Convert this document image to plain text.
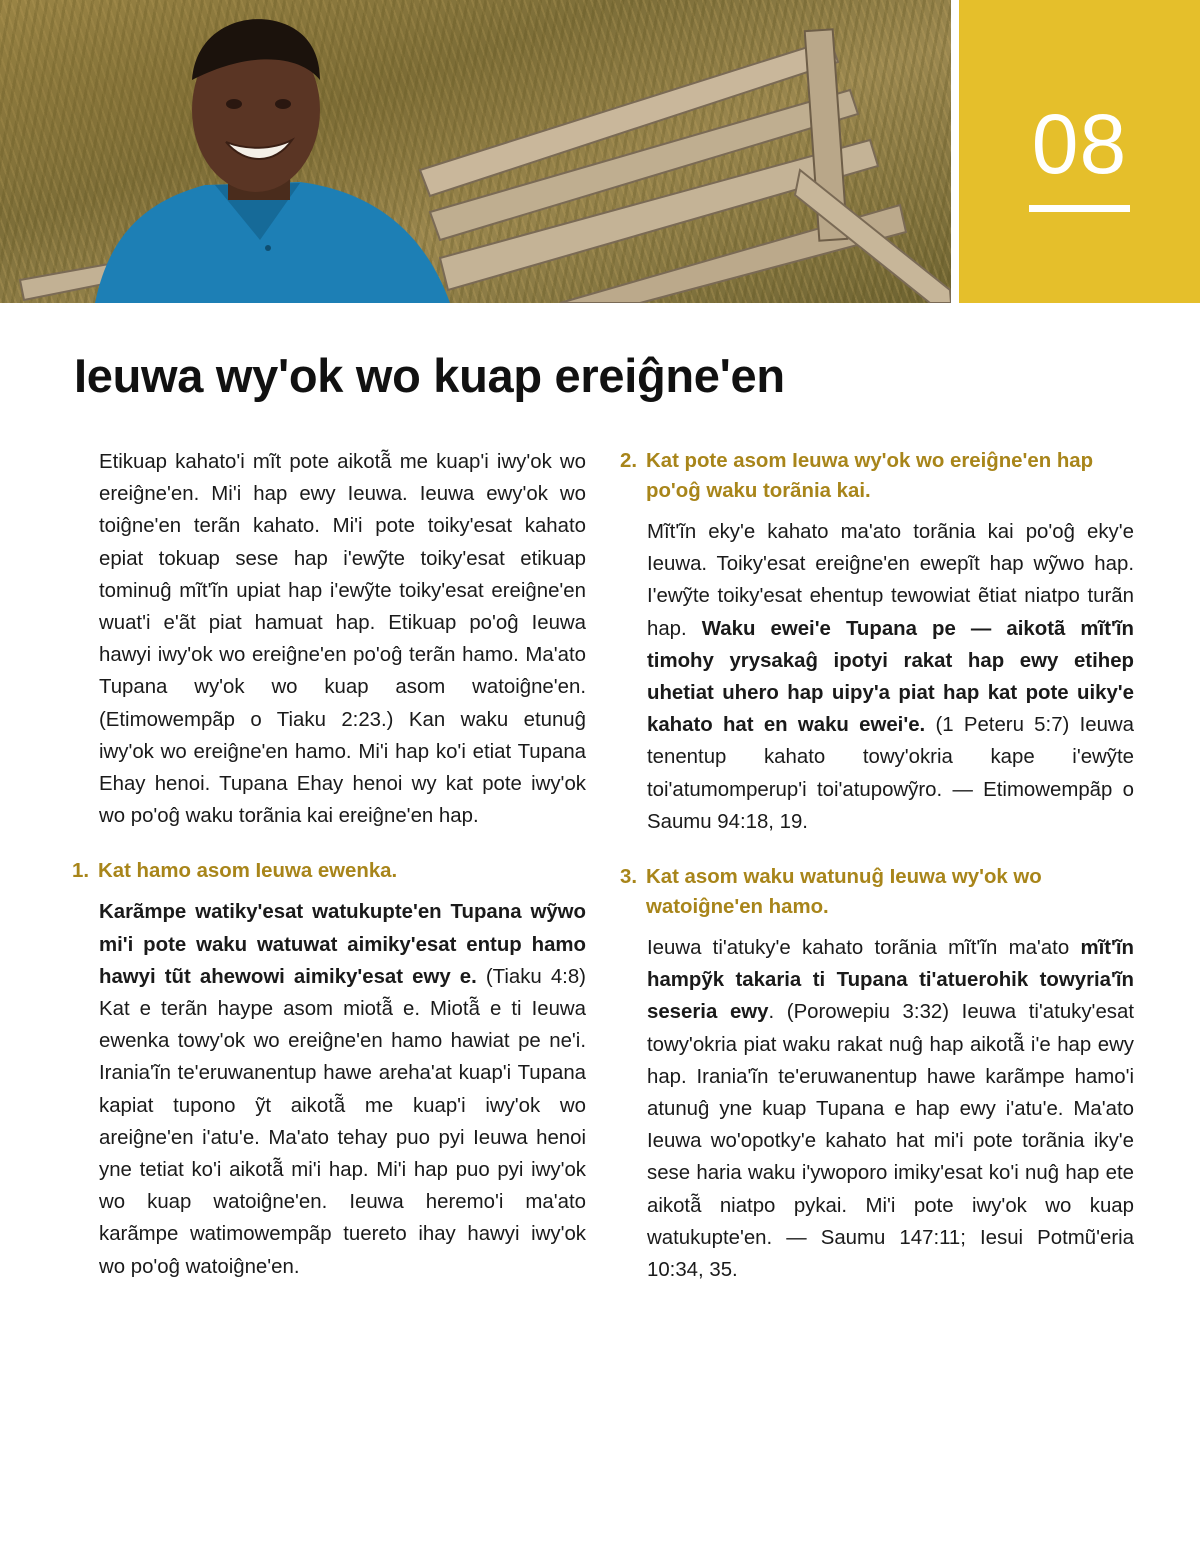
08
Ieuwa wy'ok wo kuap ereiĝne'en

Etikuap kahato'i mĩt pote aikotã̃ me kuap'i iwy'ok wo ereiĝne'en. Mi'i hap ewy Ieuwa. Ieuwa ewy'ok wo toiĝne'en terãn kahato. Mi'i pote toiky'esat kahato epiat tokuap sese hap i'ewỹte toiky'esat etikuap tominuĝ mĩt'ĩn upiat hap i'ewỹte toiky'esat ereiĝne'en wuat'i e'ãt piat hamuat hap. Etikuap po'oĝ Ieuwa hawyi iwy'ok wo ereiĝne'en po'oĝ terãn hamo. Ma'ato Tupana wy'ok wo kuap asom watoiĝne'en. (Etimowempãp o Tiaku 2:23.) Kan waku etunuĝ iwy'ok wo ereiĝne'en hamo. Mi'i hap ko'i etiat Tupana Ehay henoi. Tupana Ehay henoi wy kat pote iwy'ok wo po'oĝ waku torãnia kai ereiĝne'en hap.

1. Kat hamo asom Ieuwa ewenka.

Karãmpe watiky'esat watukupte'en Tupana wỹwo mi'i pote waku watuwat aimiky'esat entup hamo hawyi tũt ahewowi aimiky'esat ewy e. (Tiaku 4:8) Kat e terãn haype asom miotã̃ e. Miotã̃ e ti Ieuwa ewenka towy'ok wo ereiĝne'en hamo hawiat pe ne'i. Irania'ĩn te'eruwanentup hawe areha'at kuap'i Tupana kapiat tupono ỹt aikotã̃ me kuap'i iwy'ok wo areiĝne'en i'atu'e. Ma'ato tehay puo pyi Ieuwa henoi yne tetiat ko'i aikotã̃ mi'i hap. Mi'i hap puo pyi iwy'ok wo kuap watoiĝne'en. Ieuwa heremo'i ma'ato karãmpe watimowempãp tuereto ihay hawyi iwy'ok wo po'oĝ watoiĝne'en.

2. Kat pote asom Ieuwa wy'ok wo ereiĝne'en hap po'oĝ waku torãnia kai.

Mĩt'ĩn eky'e kahato ma'ato torãnia kai po'oĝ eky'e Ieuwa. Toiky'esat ereiĝne'en ewepĩt hap wỹwo hap. I'ewỹte toiky'esat ehentup tewowiat ẽtiat niatpo turãn hap. Waku ewei'e Tupana pe — aikotã̃ mĩt'ĩn timohy yrysakaĝ ipotyi rakat hap ewy etihep uhetiat uhero hap uipy'a piat hap kat pote uiky'e kahato hat en waku ewei'e. (1 Peteru 5:7) Ieuwa tenentup kahato towy'okria kape i'ewỹte toi'atumomperup'i toi'atupowỹro. — Etimowempãp o Saumu 94:18, 19.

3. Kat asom waku watunuĝ Ieuwa wy'ok wo watoiĝne'en hamo.

Ieuwa ti'atuky'e kahato torãnia mĩt'ĩn ma'ato mĩt'ĩn hampỹk takaria ti Tupana ti'atuerohik towyria'ĩn seseria ewy. (Porowepiu 3:32) Ieuwa ti'atuky'esat towy'okria piat waku rakat nuĝ hap aikotã̃ i'e hap ewy hap. Irania'ĩn te'eruwanentup hawe karãmpe hamo'i atunuĝ yne kuap Tupana e hap ewy i'atu'e. Ma'ato Ieuwa wo'opotky'e kahato hat mi'i pote torãnia iky'e sese haria waku i'ywoporo imiky'esat ko'i nuĝ hap ete aikotã̃ niatpo pykai. Mi'i pote iwy'ok wo kuap watukupte'en. — Saumu 147:11; Iesui Potmũ'eria 10:34, 35.
